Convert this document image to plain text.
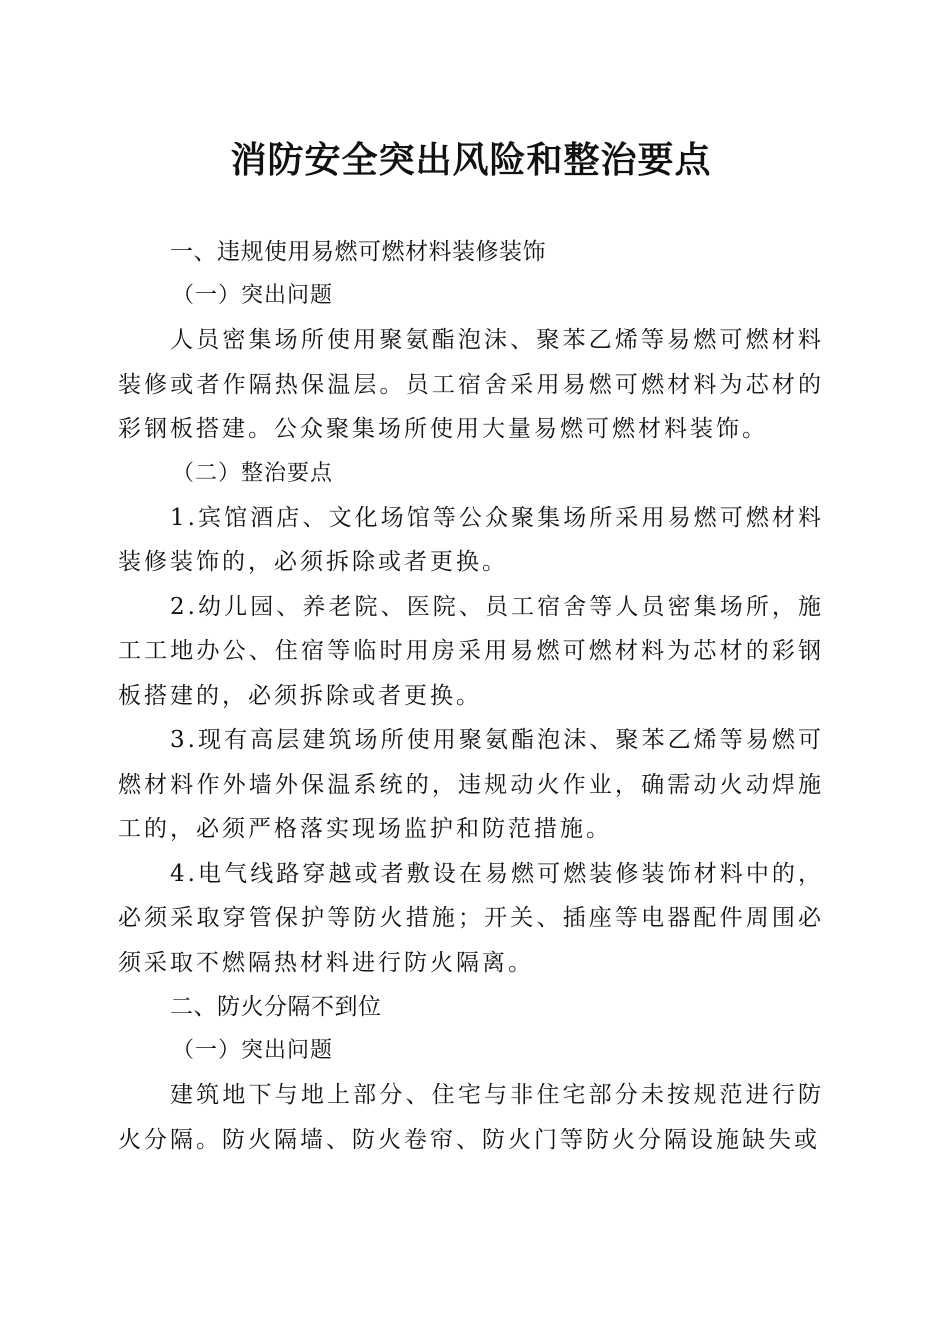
消防安全突出风险和整治要点
一、违规使用易燃可燃材料装修装饰
（一）突出问题

人员密集场所使用聚氨酯泡沫、聚苯乙烯等易燃可燃材料装修或者作隔热保温层。员工宿舍采用易燃可燃材料为芯材的彩钢板搭建。公众聚集场所使用大量易燃可燃材料装饰。

（二）整治要点

1.宾馆酒店、文化场馆等公众聚集场所采用易燃可燃材料装修装饰的，必须拆除或者更换。

2.幼儿园、养老院、医院、员工宿舍等人员密集场所，施工工地办公、住宿等临时用房采用易燃可燃材料为芯材的彩钢板搭建的，必须拆除或者更换。

3.现有高层建筑场所使用聚氨酯泡沫、聚苯乙烯等易燃可燃材料作外墙外保温系统的，违规动火作业，确需动火动焊施工的，必须严格落实现场监护和防范措施。

4.电气线路穿越或者敷设在易燃可燃装修装饰材料中的，必须采取穿管保护等防火措施；开关、插座等电器配件周围必须采取不燃隔热材料进行防火隔离。

二、防火分隔不到位
（一）突出问题

建筑地下与地上部分、住宅与非住宅部分未按规范进行防火分隔。防火隔墙、防火卷帘、防火门等防火分隔设施缺失或
